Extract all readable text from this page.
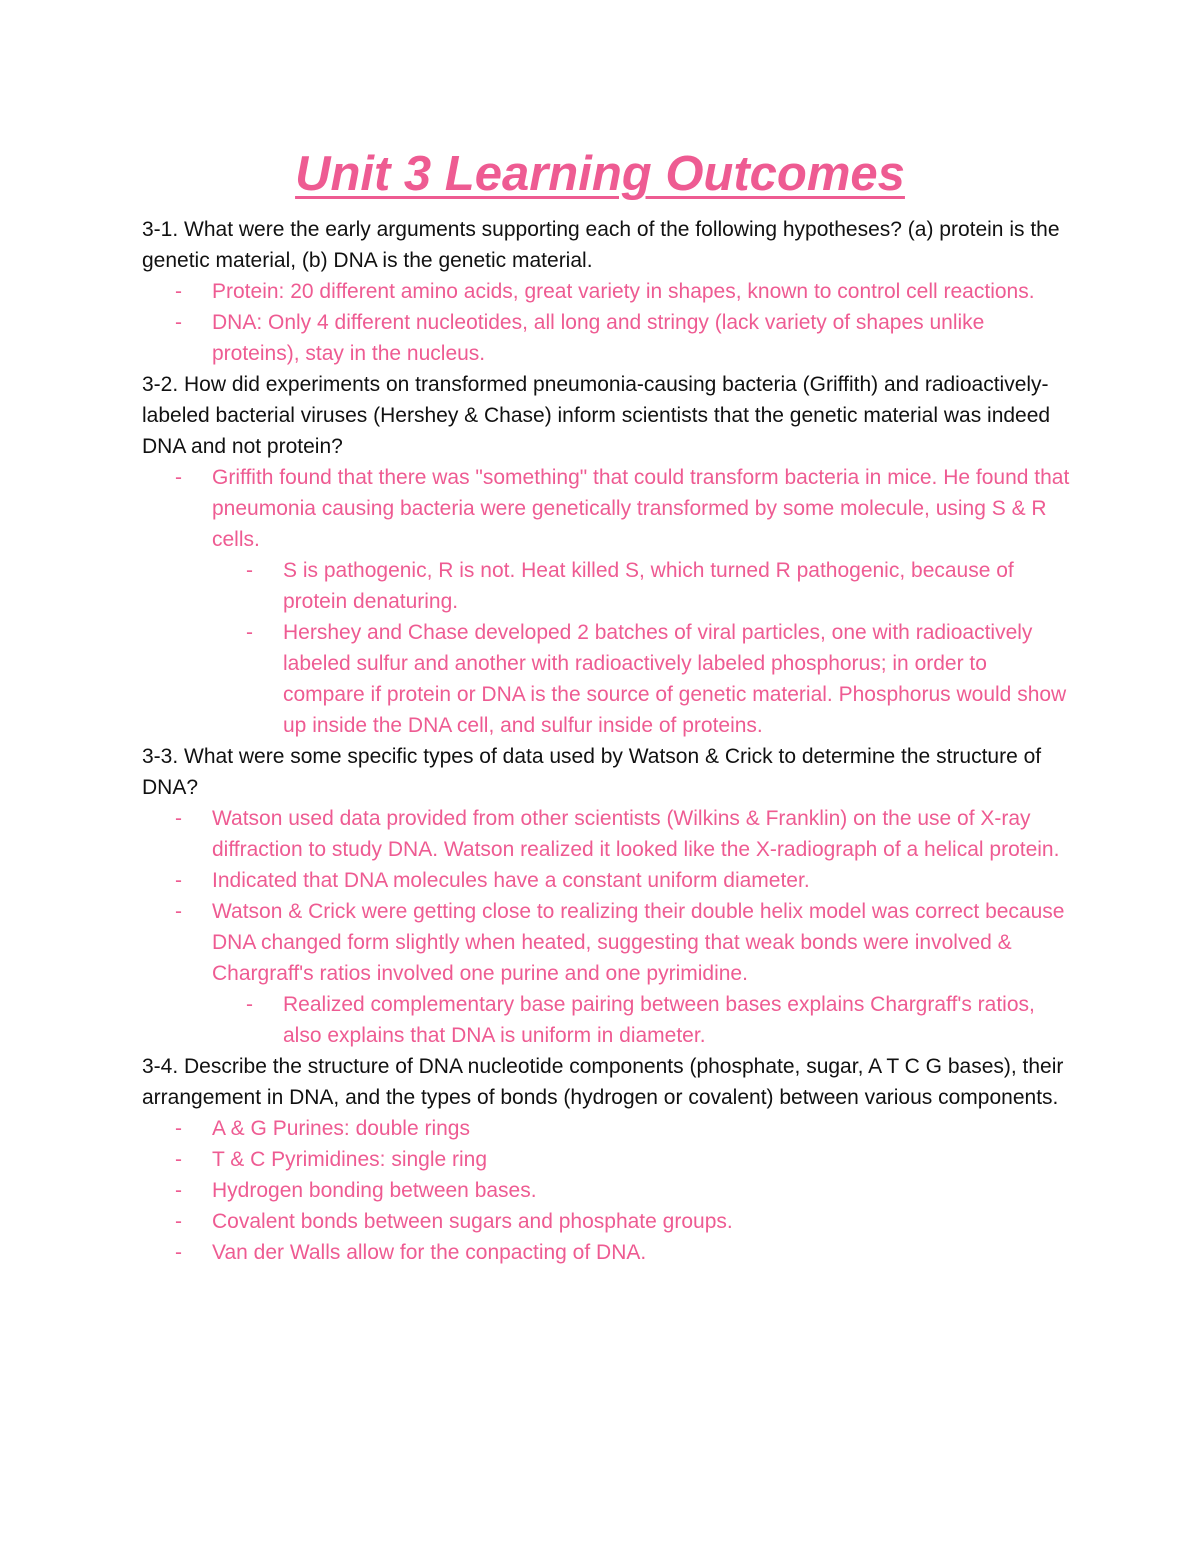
Unit 3 Learning Outcomes

3-1. What were the early arguments supporting each of the following hypotheses? (a) protein is the genetic material, (b) DNA is the genetic material.

- Protein: 20 different amino acids, great variety in shapes, known to control cell reactions.

- DNA: Only 4 different nucleotides, all long and stringy (lack variety of shapes unlike proteins), stay in the nucleus.

3-2. How did experiments on transformed pneumonia-causing bacteria (Griffith) and radioactively-labeled bacterial viruses (Hershey & Chase) inform scientists that the genetic material was indeed DNA and not protein?

- Griffith found that there was "something" that could transform bacteria in mice. He found that pneumonia causing bacteria were genetically transformed by some molecule, using S & R cells.

- S is pathogenic, R is not. Heat killed S, which turned R pathogenic, because of protein denaturing.

- Hershey and Chase developed 2 batches of viral particles, one with radioactively labeled sulfur and another with radioactively labeled phosphorus; in order to compare if protein or DNA is the source of genetic material. Phosphorus would show up inside the DNA cell, and sulfur inside of proteins.

3-3. What were some specific types of data used by Watson & Crick to determine the structure of DNA?

- Watson used data provided from other scientists (Wilkins & Franklin) on the use of X-ray diffraction to study DNA. Watson realized it looked like the X-radiograph of a helical protein.

- Indicated that DNA molecules have a constant uniform diameter.

- Watson & Crick were getting close to realizing their double helix model was correct because DNA changed form slightly when heated, suggesting that weak bonds were involved & Chargraff's ratios involved one purine and one pyrimidine.

- Realized complementary base pairing between bases explains Chargraff's ratios, also explains that DNA is uniform in diameter.

3-4. Describe the structure of DNA nucleotide components (phosphate, sugar, A T C G bases), their arrangement in DNA, and the types of bonds (hydrogen or covalent) between various components.

- A & G Purines: double rings

- T & C Pyrimidines: single ring

- Hydrogen bonding between bases.

- Covalent bonds between sugars and phosphate groups.

- Van der Walls allow for the conpacting of DNA.
